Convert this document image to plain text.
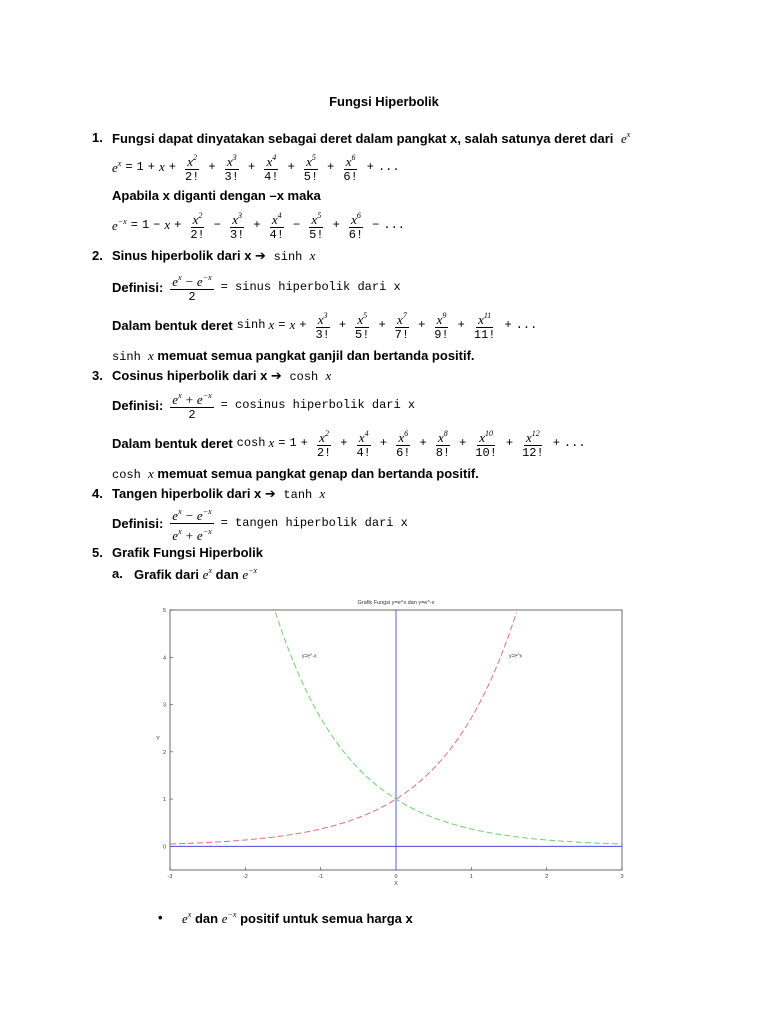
Fungsi Hiperbolik
1. Fungsi dapat dinyatakan sebagai deret dalam pangkat x, salah satunya deret dari $e^x$
$e^x = 1 + x + \frac{x^2}{2!} + \frac{x^3}{3!} + \frac{x^4}{4!} + \frac{x^5}{5!} + \frac{x^6}{6!}$ + ...
Apabila x diganti dengan –x maka
$e^{-x} = 1 - x + \frac{x^2}{2!} - \frac{x^3}{3!} + \frac{x^4}{4!} - \frac{x^5}{5!} + \frac{x^6}{6!}$ − ...
2. Sinus hiperbolik dari x ➔ sinh x
Definisi: $\frac{e^x - e^{-x}}{2}$ = sinus hiperbolik dari x
Dalam bentuk deret $\sinh x = x + \frac{x^3}{3!} + \frac{x^5}{5!} + \frac{x^7}{7!} + \frac{x^9}{9!} + \frac{x^{11}}{11!}$ + ...
sinh x memuat semua pangkat ganjil dan bertanda positif.
3. Cosinus hiperbolik dari x ➔ cosh x
Definisi: $\frac{e^x + e^{-x}}{2}$ = cosinus hiperbolik dari x
Dalam bentuk deret $\cosh x = 1 + \frac{x^2}{2!} + \frac{x^4}{4!} + \frac{x^6}{6!} + \frac{x^8}{8!} + \frac{x^{10}}{10!} + \frac{x^{12}}{12!}$ + ...
cosh x memuat semua pangkat genap dan bertanda positif.
4. Tangen hiperbolik dari x ➔ tanh x
Definisi: $\frac{e^x - e^{-x}}{e^x + e^{-x}}$ = tangen hiperbolik dari x
5. Grafik Fungsi Hiperbolik
a. Grafik dari $e^x$ dan $e^{-x}$
Grafik Fungsi y=e^x dan y=e^-x
-3	-2	-1	0	1	2	3
0
1
2
3
4
5
X
Y
y=e^-x	y=e^x
• $e^x$ dan $e^{-x}$ positif untuk semua harga x
